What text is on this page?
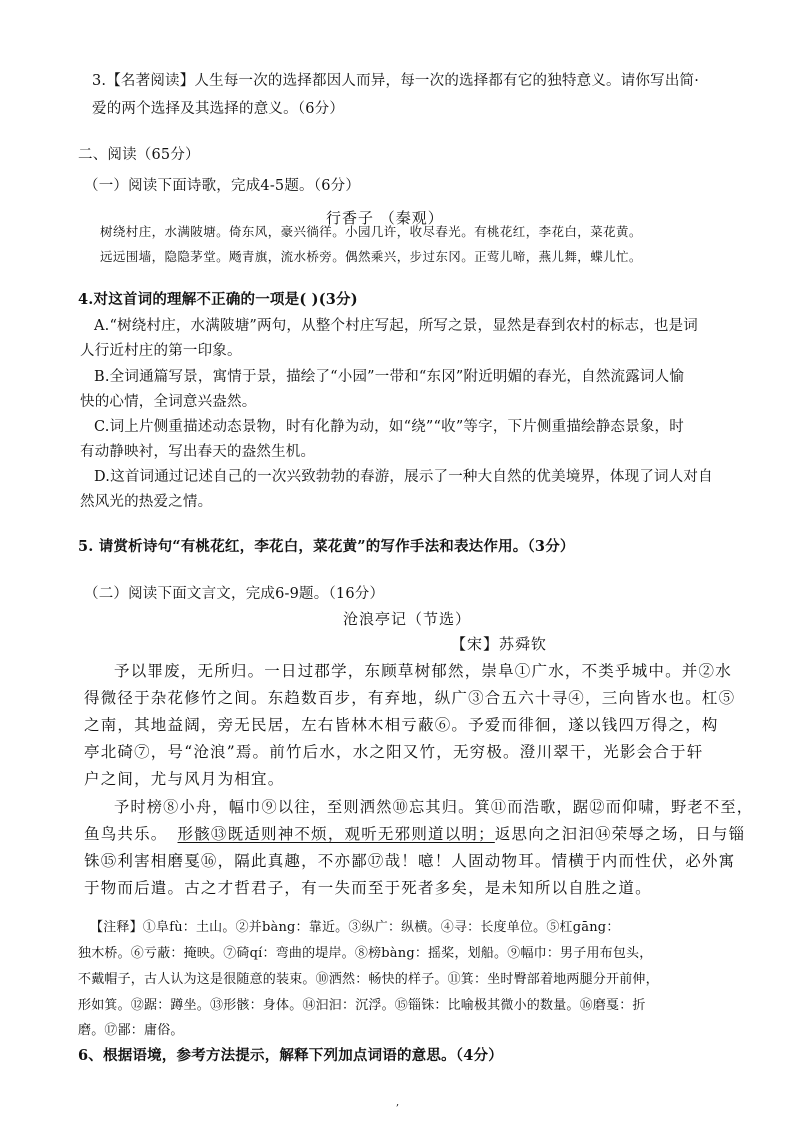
3.【名著阅读】人生每一次的选择都因人而异，每一次的选择都有它的独特意义。请你写出简·
爱的两个选择及其选择的意义。（6分）
二、阅读（65分）
（一）阅读下面诗歌，完成4-5题。（6分）
行香子 （秦观）
树绕村庄，水满陂塘。倚东风，豪兴徜徉。小园几许，收尽春光。有桃花红，李花白，菜花黄。
远远围墙，隐隐茅堂。飏青旗，流水桥旁。偶然乘兴，步过东冈。正莺儿啼，燕儿舞，蝶儿忙。
4.对这首词的理解不正确的一项是( )(3分)
A.“树绕村庄，水满陂塘”两句，从整个村庄写起，所写之景，显然是春到农村的标志，也是词
人行近村庄的第一印象。
B.全词通篇写景，寓情于景，描绘了“小园”一带和“东冈”附近明媚的春光，自然流露词人愉
快的心情，全词意兴盎然。
C.词上片侧重描述动态景物，时有化静为动，如“绕”“收”等字，下片侧重描绘静态景象，时
有动静映衬，写出春天的盎然生机。
D.这首词通过记述自己的一次兴致勃勃的春游，展示了一种大自然的优美境界，体现了词人对自
然风光的热爱之情。
5. 请赏析诗句“有桃花红，李花白，菜花黄”的写作手法和表达作用。（3分）
（二）阅读下面文言文，完成6-9题。（16分）
沧浪亭记（节选）
【宋】苏舜钦
予以罪废，无所归。一日过郡学，东顾草树郁然，崇阜①广水，不类乎城中。并②水
得微径于杂花修竹之间。东趋数百步，有弃地，纵广③合五六十寻④，三向皆水也。杠⑤
之南，其地益阔，旁无民居，左右皆林木相亏蔽⑥。予爱而徘徊，遂以钱四万得之，构
亭北碕⑦，号“沧浪”焉。前竹后水，水之阳又竹，无穷极。澄川翠干，光影会合于轩
户之间，尤与风月为相宜。
予时榜⑧小舟，幅巾⑨以往，至则洒然⑩忘其归。箕⑪而浩歌，踞⑫而仰啸，野老不至，
鱼鸟共乐。 形骸⑬既适则神不烦，观听无邪则道以明；返思向之汩汩⑭荣辱之场，日与锱
铢⑮利害相磨戛⑯，隔此真趣，不亦鄙⑰哉！噫！人固动物耳。情横于内而性伏，必外寓
于物而后遣。古之才哲君子，有一失而至于死者多矣，是未知所以自胜之道。
【注释】①阜fù：土山。②并bàng：靠近。③纵广：纵横。④寻：长度单位。⑤杠gāng：
独木桥。⑥亏蔽：掩映。⑦碕qí：弯曲的堤岸。⑧榜bàng：摇桨，划船。⑨幅巾：男子用布包头，
不戴帽子，古人认为这是很随意的装束。⑩洒然：畅快的样子。⑪箕：坐时臀部着地两腿分开前伸，
形如箕。⑫踞：蹲坐。⑬形骸：身体。⑭汩汩：沉浮。⑮锱铢：比喻极其微小的数量。⑯磨戛：折
磨。⑰鄙：庸俗。
6、根据语境，参考方法提示，解释下列加点词语的意思。（4分）
,
